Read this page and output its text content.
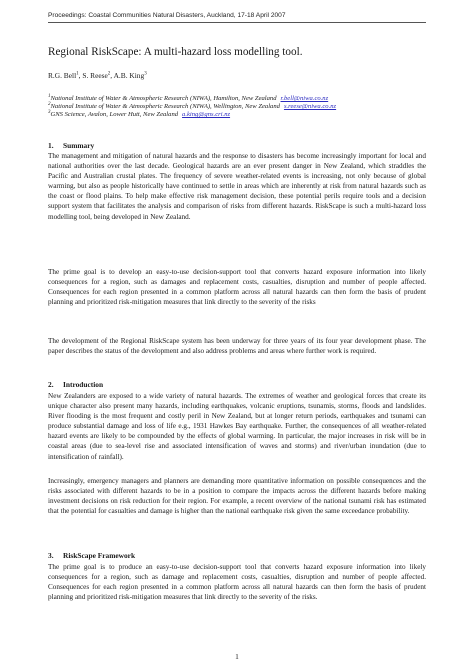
Proceedings: Coastal Communities Natural Disasters, Auckland, 17-18 April 2007
Regional RiskScape: A multi-hazard loss modelling tool.
R.G. Bell$^1$, S. Reese$^2$, A.B. King$^3$
$^1$National Institute of Water & Atmospheric Research (NIWA), Hamilton, New Zealand r.bell@niwa.co.nz
$^2$National Institute of Water & Atmospheric Research (NIWA), Wellington, New Zealand s.reese@niwa.co.nz
$^3$GNS Science, Avalon, Lower Hutt, New Zealand a.king@gns.cri.nz
1. Summary
The management and mitigation of natural hazards and the response to disasters has become increasingly important for local and national authorities over the last decade. Geological hazards are an ever present danger in New Zealand, which straddles the Pacific and Australian crustal plates. The frequency of severe weather-related events is increasing, not only because of global warming, but also as people historically have continued to settle in areas which are inherently at risk from natural hazards such as the coast or flood plains. To help make effective risk management decision, these potential perils require tools and a decision support system that facilitates the analysis and comparison of risks from different hazards. RiskScape is such a multi-hazard loss modelling tool, being developed in New Zealand.
The prime goal is to develop an easy-to-use decision-support tool that converts hazard exposure information into likely consequences for a region, such as damages and replacement costs, casualties, disruption and number of people affected. Consequences for each region presented in a common platform across all natural hazards can then form the basis of prudent planning and prioritized risk-mitigation measures that link directly to the severity of the risks
The development of the Regional RiskScape system has been underway for three years of its four year development phase. The paper describes the status of the development and also address problems and areas where further work is required.
2. Introduction
New Zealanders are exposed to a wide variety of natural hazards. The extremes of weather and geological forces that create its unique character also present many hazards, including earthquakes, volcanic eruptions, tsunamis, storms, floods and landslides. River flooding is the most frequent and costly peril in New Zealand, but at longer return periods, earthquakes and tsunami can produce substantial damage and loss of life e.g., 1931 Hawkes Bay earthquake. Further, the consequences of all weather-related hazard events are likely to be compounded by the effects of global warming. In particular, the major increases in risk will be in coastal areas (due to sea-level rise and associated intensification of waves and storms) and river/urban inundation (due to intensification of rainfall).
Increasingly, emergency managers and planners are demanding more quantitative information on possible consequences and the risks associated with different hazards to be in a position to compare the impacts across the different hazards before making investment decisions on risk reduction for their region. For example, a recent overview of the national tsunami risk has estimated that the potential for casualties and damage is higher than the national earthquake risk given the same exceedance probability.
3. RiskScape Framework
The prime goal is to produce an easy-to-use decision-support tool that converts hazard exposure information into likely consequences for a region, such as damage and replacement costs, casualties, disruption and number of people affected. Consequences for each region presented in a common platform across all natural hazards can then form the basis of prudent planning and prioritized risk-mitigation measures that link directly to the severity of the risks.
1
